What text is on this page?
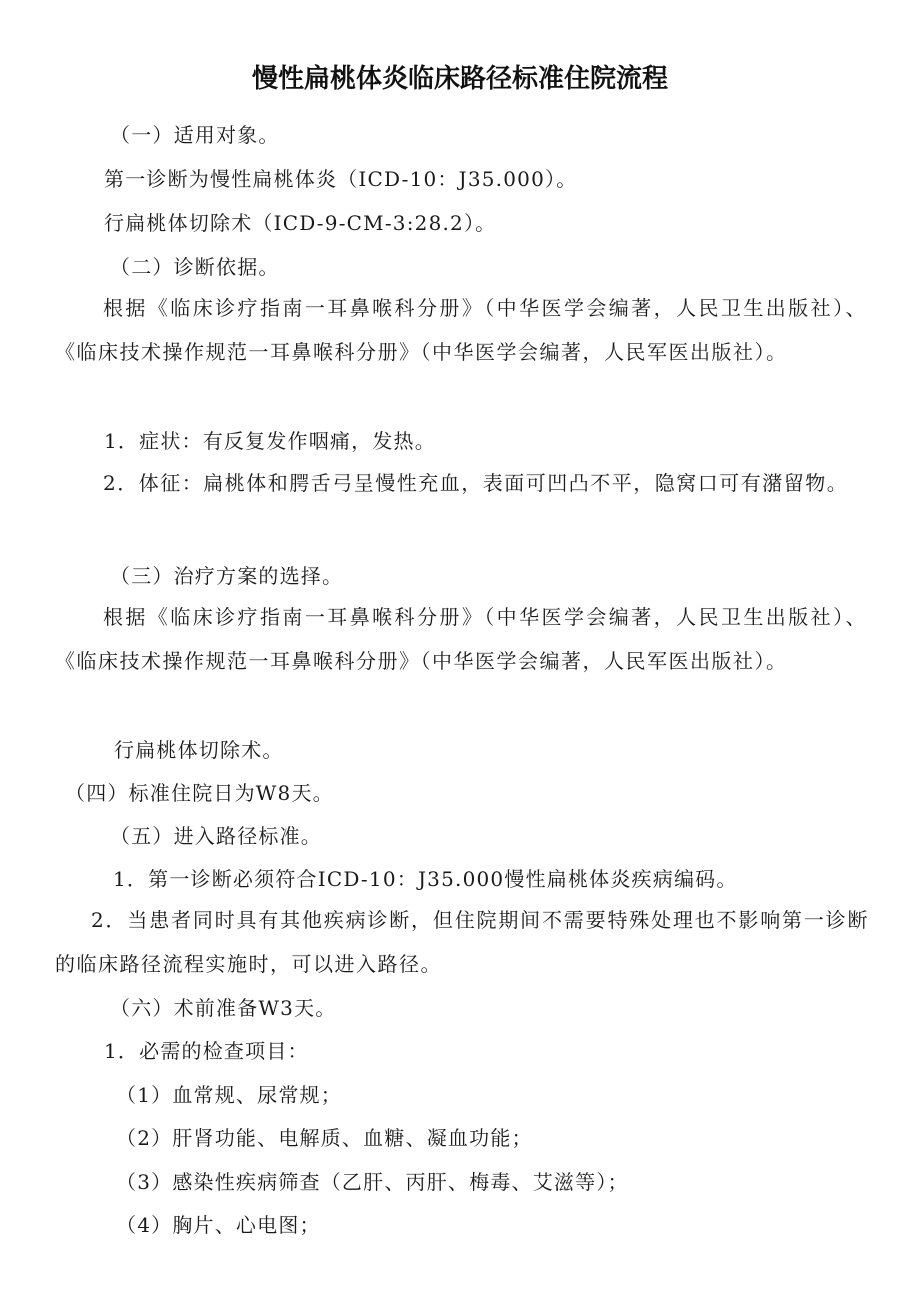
慢性扁桃体炎临床路径标准住院流程
（一）适用对象。
第一诊断为慢性扁桃体炎（ICD-10：J35.000）。
行扁桃体切除术（ICD-9-CM-3:28.2）。
（二）诊断依据。
根据《临床诊疗指南一耳鼻喉科分册》（中华医学会编著，人民卫生出版社）、《临床技术操作规范一耳鼻喉科分册》（中华医学会编著，人民军医出版社）。
1．症状：有反复发作咽痛，发热。
2．体征：扁桃体和腭舌弓呈慢性充血，表面可凹凸不平，隐窝口可有潴留物。
（三）治疗方案的选择。
根据《临床诊疗指南一耳鼻喉科分册》（中华医学会编著，人民卫生出版社）、《临床技术操作规范一耳鼻喉科分册》（中华医学会编著，人民军医出版社）。
行扁桃体切除术。
（四）标准住院日为W8天。
（五）进入路径标准。
1．第一诊断必须符合ICD-10：J35.000慢性扁桃体炎疾病编码。
2．当患者同时具有其他疾病诊断，但住院期间不需要特殊处理也不影响第一诊断的临床路径流程实施时，可以进入路径。
（六）术前准备W3天。
1．必需的检查项目：
（1）血常规、尿常规；
（2）肝肾功能、电解质、血糖、凝血功能；
（3）感染性疾病筛查（乙肝、丙肝、梅毒、艾滋等）；
（4）胸片、心电图；
